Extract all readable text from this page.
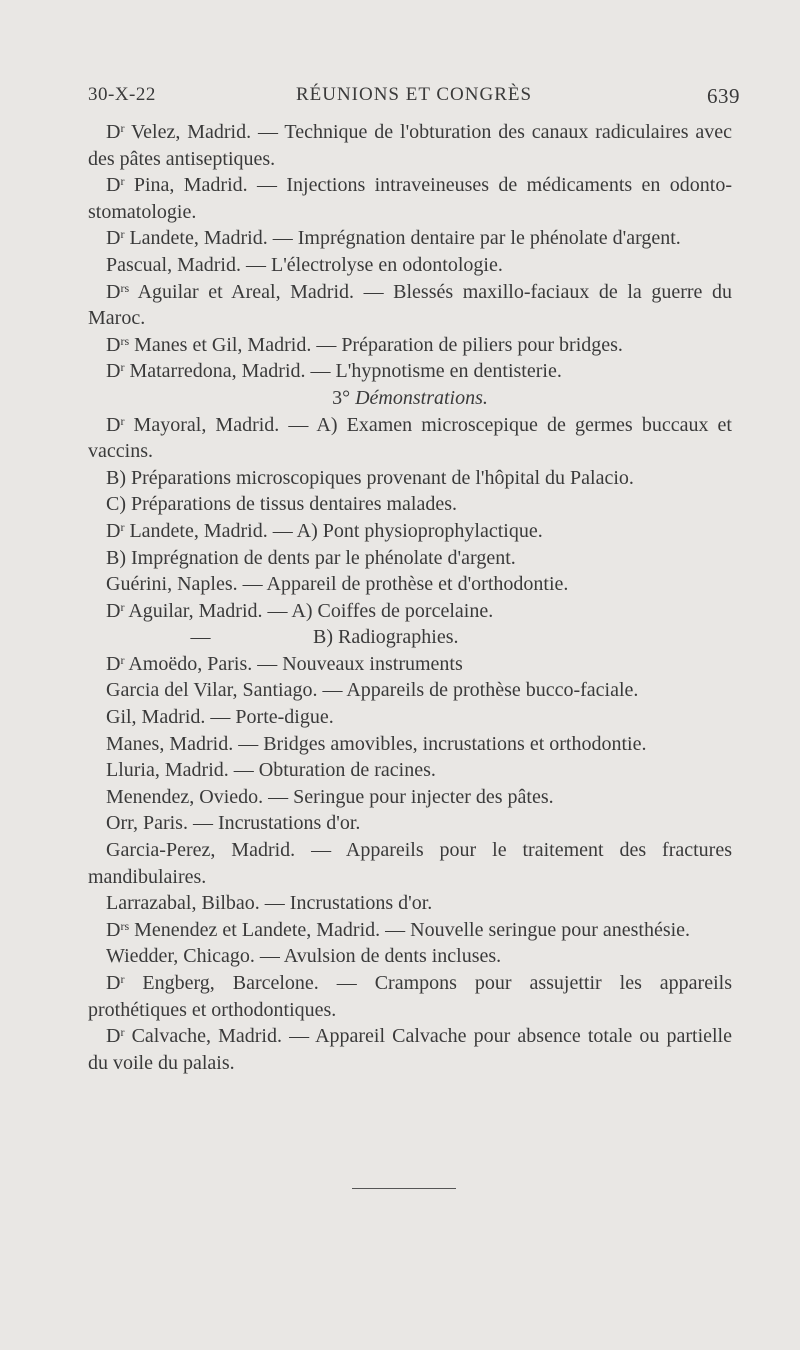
30-X-22	RÉUNIONS ET CONGRÈS	639

$D^r$ Velez, Madrid. — Technique de l'obturation des canaux radiculaires avec des pâtes antiseptiques.

$D^r$ Pina, Madrid. — Injections intraveineuses de médicaments en odonto-stomatologie.

$D^r$ Landete, Madrid. — Imprégnation dentaire par le phénolate d'argent.

Pascual, Madrid. — L'électrolyse en odontologie.

$D^{rs}$ Aguilar et Areal, Madrid. — Blessés maxillo-faciaux de la guerre du Maroc.

$D^{rs}$ Manes et Gil, Madrid. — Préparation de piliers pour bridges.

$D^r$ Matarredona, Madrid. — L'hypnotisme en dentisterie.

3° Démonstrations.

$D^r$ Mayoral, Madrid. — A) Examen microscepique de germes buccaux et vaccins.

B) Préparations microscopiques provenant de l'hôpital du Palacio.

C) Préparations de tissus dentaires malades.

$D^r$ Landete, Madrid. — A) Pont physioprophylactique.

B) Imprégnation de dents par le phénolate d'argent.

Guérini, Naples. — Appareil de prothèse et d'orthodontie.

$D^r$ Aguilar, Madrid. — A) Coiffes de porcelaine.

—	B) Radiographies.

$D^r$ Amoëdo, Paris. — Nouveaux instruments

Garcia del Vilar, Santiago. — Appareils de prothèse bucco-faciale.

Gil, Madrid. — Porte-digue.

Manes, Madrid. — Bridges amovibles, incrustations et orthodontie.

Lluria, Madrid. — Obturation de racines.

Menendez, Oviedo. — Seringue pour injecter des pâtes.

Orr, Paris. — Incrustations d'or.

Garcia-Perez, Madrid. — Appareils pour le traitement des fractures mandibulaires.

Larrazabal, Bilbao. — Incrustations d'or.

$D^{rs}$ Menendez et Landete, Madrid. — Nouvelle seringue pour anesthésie.

Wiedder, Chicago. — Avulsion de dents incluses.

$D^r$ Engberg, Barcelone. — Crampons pour assujettir les appareils prothétiques et orthodontiques.

$D^r$ Calvache, Madrid. — Appareil Calvache pour absence totale ou partielle du voile du palais.
